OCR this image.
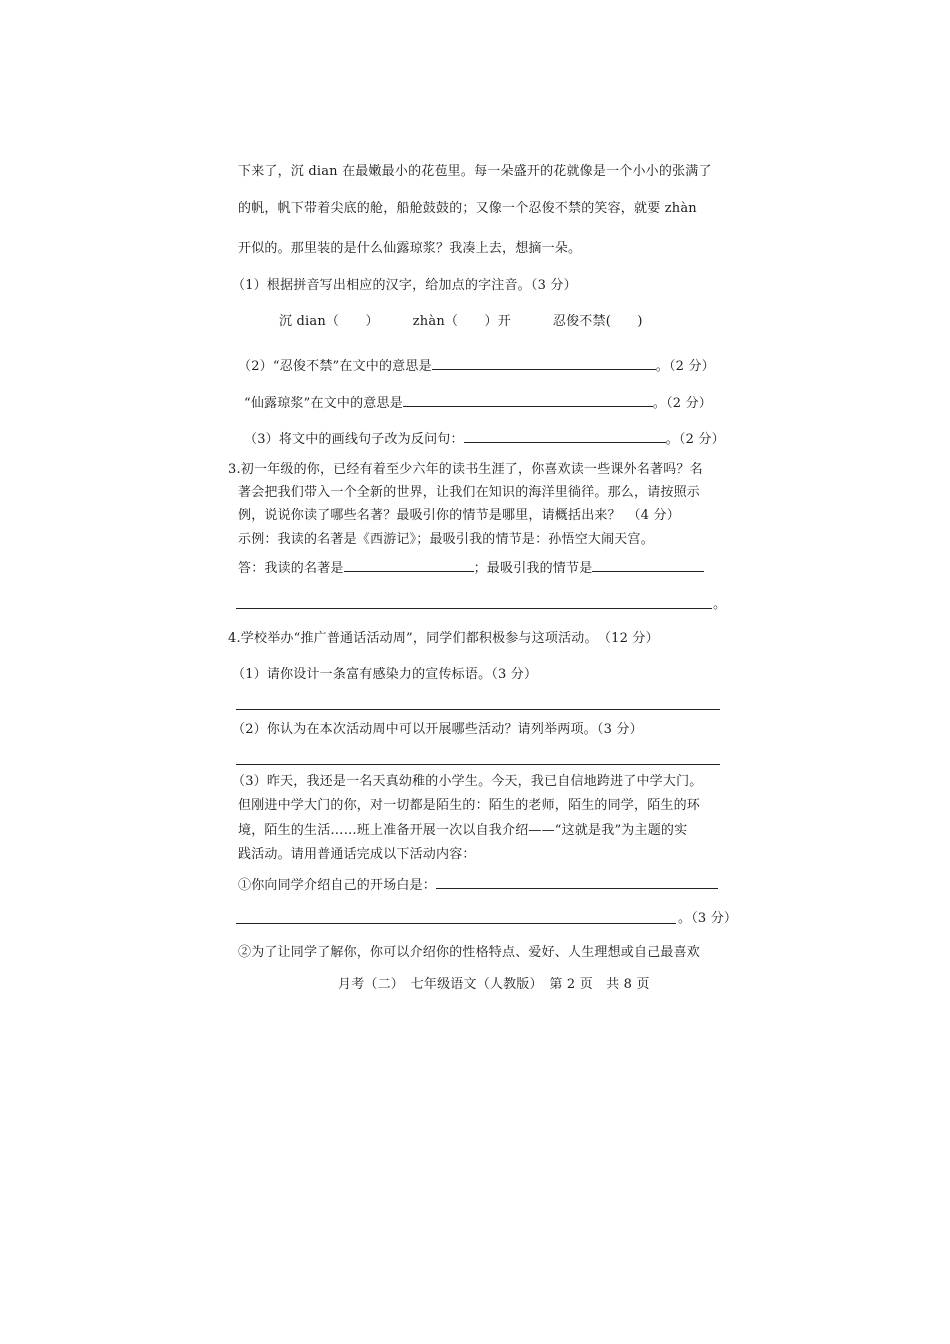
下来了，沉 dian 在最嫩最小的花苞里。每一朵盛开的花就像是一个小小的张满了
的帆，帆下带着尖底的舱，船舱鼓鼓的；又像一个忍俊不禁的笑容，就要 zhàn
开似的。那里装的是什么仙露琼浆？我凑上去，想摘一朵。
（1）根据拼音写出相应的汉字，给加点的字注音。（3 分）
沉 dian（　　）	zhàn（　　）开	忍俊不禁(　　)
（2）“忍俊不禁”在文中的意思是	。（2 分）
“仙露琼浆”在文中的意思是	。（2 分）
（3）将文中的画线句子改为反问句：	。（2 分）
3.初一年级的你，已经有着至少六年的读书生涯了，你喜欢读一些课外名著吗？名
著会把我们带入一个全新的世界，让我们在知识的海洋里徜徉。那么，请按照示
例，说说你读了哪些名著？最吸引你的情节是哪里，请概括出来？　（4 分）
示例：我读的名著是《西游记》；最吸引我的情节是：孙悟空大闹天宫。
答：我读的名著是	；最吸引我的情节是
。
4.学校举办“推广普通话活动周”，同学们都积极参与这项活动。　（12 分）
（1）请你设计一条富有感染力的宣传标语。（3 分）
（2）你认为在本次活动周中可以开展哪些活动？请列举两项。（3 分）
（3）昨天，我还是一名天真幼稚的小学生。今天，我已自信地跨进了中学大门。
但刚进中学大门的你，对一切都是陌生的：陌生的老师，陌生的同学，陌生的环
境，陌生的生活……班上准备开展一次以自我介绍——“这就是我”为主题的实
践活动。请用普通话完成以下活动内容：
①你向同学介绍自己的开场白是：
。（3 分）
②为了让同学了解你，你可以介绍你的性格特点、爱好、人生理想或自己最喜欢
月考（二）　七年级语文（人教版）　第 2 页　共 8 页
